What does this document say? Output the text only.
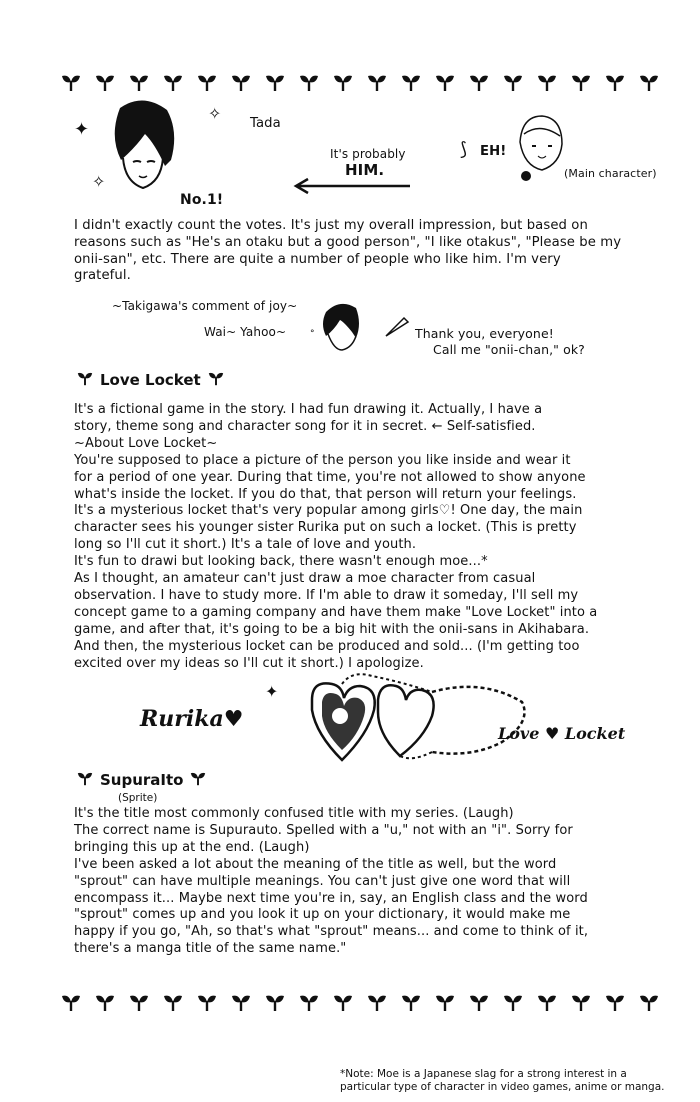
✦
✧
✧
Tada
No.1!
It's probably
HIM.
⟆ EH!
(Main character)
I didn't exactly count the votes. It's just my overall impression, but based on
reasons such as "He's an otaku but a good person", "I like otakus", "Please be my
onii-san", etc. There are quite a number of people who like him. I'm very
grateful.
~Takigawa's comment of joy~
Wai~ Yahoo~	°	Thank you, everyone!
Call me "onii-chan," ok?
Love Locket
It's a fictional game in the story. I had fun drawing it. Actually, I have a
story, theme song and character song for it in secret. ← Self-satisfied.
~About Love Locket~
You're supposed to place a picture of the person you like inside and wear it
for a period of one year. During that time, you're not allowed to show anyone
what's inside the locket. If you do that, that person will return your feelings.
It's a mysterious locket that's very popular among girls♡! One day, the main
character sees his younger sister Rurika put on such a locket. (This is pretty
long so I'll cut it short.) It's a tale of love and youth.
It's fun to drawi but looking back, there wasn't enough moe...*
As I thought, an amateur can't just draw a moe character from casual
observation. I have to study more. If I'm able to draw it someday, I'll sell my
concept game to a gaming company and have them make "Love Locket" into a
game, and after that, it's going to be a big hit with the onii-sans in Akihabara.
And then, the mysterious locket can be produced and sold... (I'm getting too
excited over my ideas so I'll cut it short.) I apologize.
Rurika♥
✦
Love ♥ Locket
SupuraIto
(Sprite)
It's the title most commonly confused title with my series. (Laugh)
The correct name is Supurauto. Spelled with a "u," not with an "i". Sorry for
bringing this up at the end. (Laugh)
I've been asked a lot about the meaning of the title as well, but the word
"sprout" can have multiple meanings. You can't just give one word that will
encompass it... Maybe next time you're in, say, an English class and the word
"sprout" comes up and you look it up on your dictionary, it would make me
happy if you go, "Ah, so that's what "sprout" means... and come to think of it,
there's a manga title of the same name."
*Note: Moe is a Japanese slag for a strong interest in a
particular type of character in video games, anime or manga.
